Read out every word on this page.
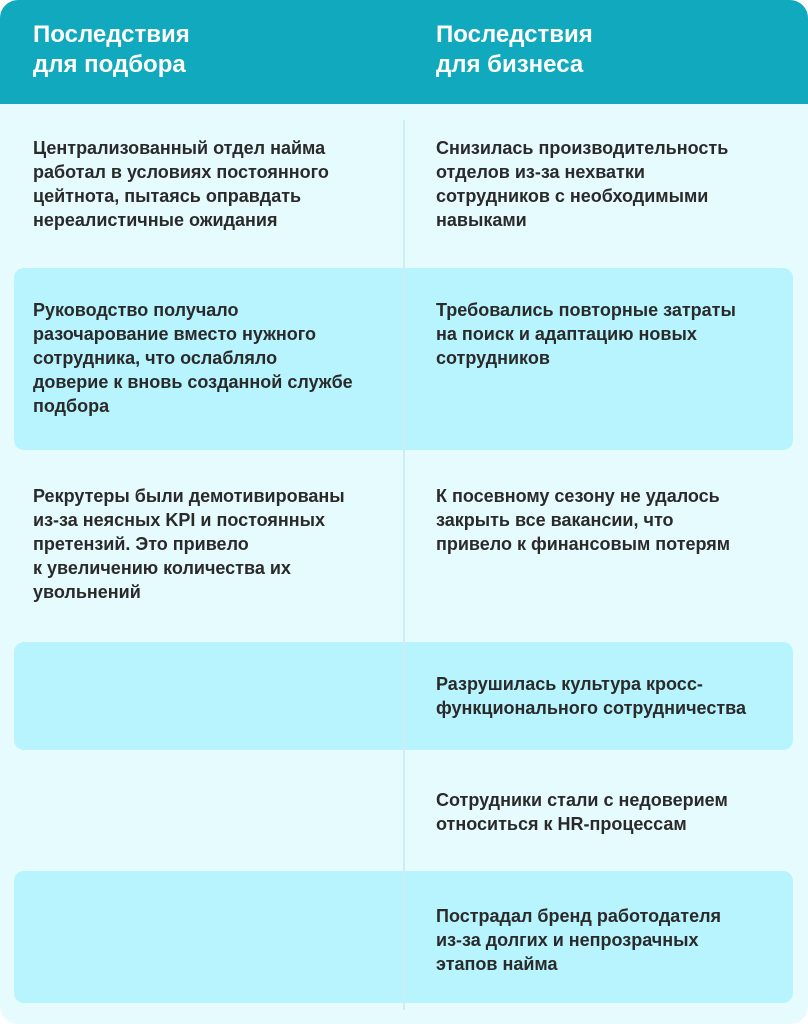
Последствия
для подбора
Последствия
для бизнеса
Централизованный отдел найма
работал в условиях постоянного
цейтнота, пытаясь оправдать
нереалистичные ожидания
Снизилась производительность
отделов из-за нехватки
сотрудников с необходимыми
навыками
Руководство получало
разочарование вместо нужного
сотрудника, что ослабляло
доверие к вновь созданной службе
подбора
Требовались повторные затраты
на поиск и адаптацию новых
сотрудников
Рекрутеры были демотивированы
из-за неясных KPI и постоянных
претензий. Это привело
к увеличению количества их
увольнений
К посевному сезону не удалось
закрыть все вакансии, что
привело к финансовым потерям
Разрушилась культура кросс-
функционального сотрудничества
Сотрудники стали с недоверием
относиться к HR-процессам
Пострадал бренд работодателя
из-за долгих и непрозрачных
этапов найма
